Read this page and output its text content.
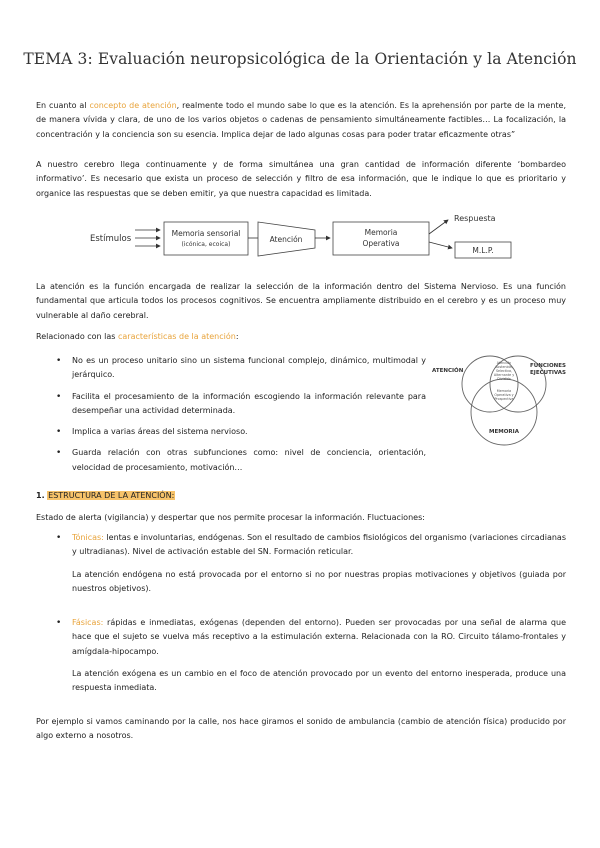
TEMA 3: Evaluación neuropsicológica de la Orientación y la Atención
En cuanto al concepto de atención, realmente todo el mundo sabe lo que es la atención. Es la aprehensión por parte de la mente, de manera vívida y clara, de uno de los varios objetos o cadenas de pensamiento simultáneamente factibles… La focalización, la concentración y la conciencia son su esencia. Implica dejar de lado algunas cosas para poder tratar eficazmente otras”
A nuestro cerebro llega continuamente y de forma simultánea una gran cantidad de información diferente ‘bombardeo informativo’. Es necesario que exista un proceso de selección y filtro de esa información, que le indique lo que es prioritario y organice las respuestas que se deben emitir, ya que nuestra capacidad es limitada.
Estímulos
Memoria sensorial
(icónica, ecoica)
Atención
Memoria
Operativa
Respuesta
M.L.P.
La atención es la función encargada de realizar la selección de la información dentro del Sistema Nervioso. Es una función fundamental que articula todos los procesos cognitivos. Se encuentra ampliamente distribuido en el cerebro y es un proceso muy vulnerable al daño cerebral.
Relacionado con las características de la atención:
• No es un proceso unitario sino un sistema funcional complejo, dinámico, multimodal y jerárquico.
• Facilita el procesamiento de la información escogiendo la información relevante para desempeñar una actividad determinada.
• Implica a varias áreas del sistema nervioso.
• Guarda relación con otras subfunciones como: nivel de conciencia, orientación, velocidad de procesamiento, motivación…
ATENCIÓN
FUNCIONES
EJECUTIVAS
MEMORIA
Atención
Sostenida,
Selectiva,
Alternante y
Dividida
Memoria
Operativa y
Prospectiva
1. ESTRUCTURA DE LA ATENCIÓN:
Estado de alerta (vigilancia) y despertar que nos permite procesar la información. Fluctuaciones:
• Tónicas: lentas e involuntarias, endógenas. Son el resultado de cambios fisiológicos del organismo (variaciones circadianas y ultradianas). Nivel de activación estable del SN. Formación reticular.
La atención endógena no está provocada por el entorno si no por nuestras propias motivaciones y objetivos (guiada por nuestros objetivos).
• Fásicas: rápidas e inmediatas, exógenas (dependen del entorno). Pueden ser provocadas por una señal de alarma que hace que el sujeto se vuelva más receptivo a la estimulación externa. Relacionada con la RO. Circuito tálamo-frontales y amígdala-hipocampo.
La atención exógena es un cambio en el foco de atención provocado por un evento del entorno inesperada, produce una respuesta inmediata.
Por ejemplo si vamos caminando por la calle, nos hace giramos el sonido de ambulancia (cambio de atención física) producido por algo externo a nosotros.
